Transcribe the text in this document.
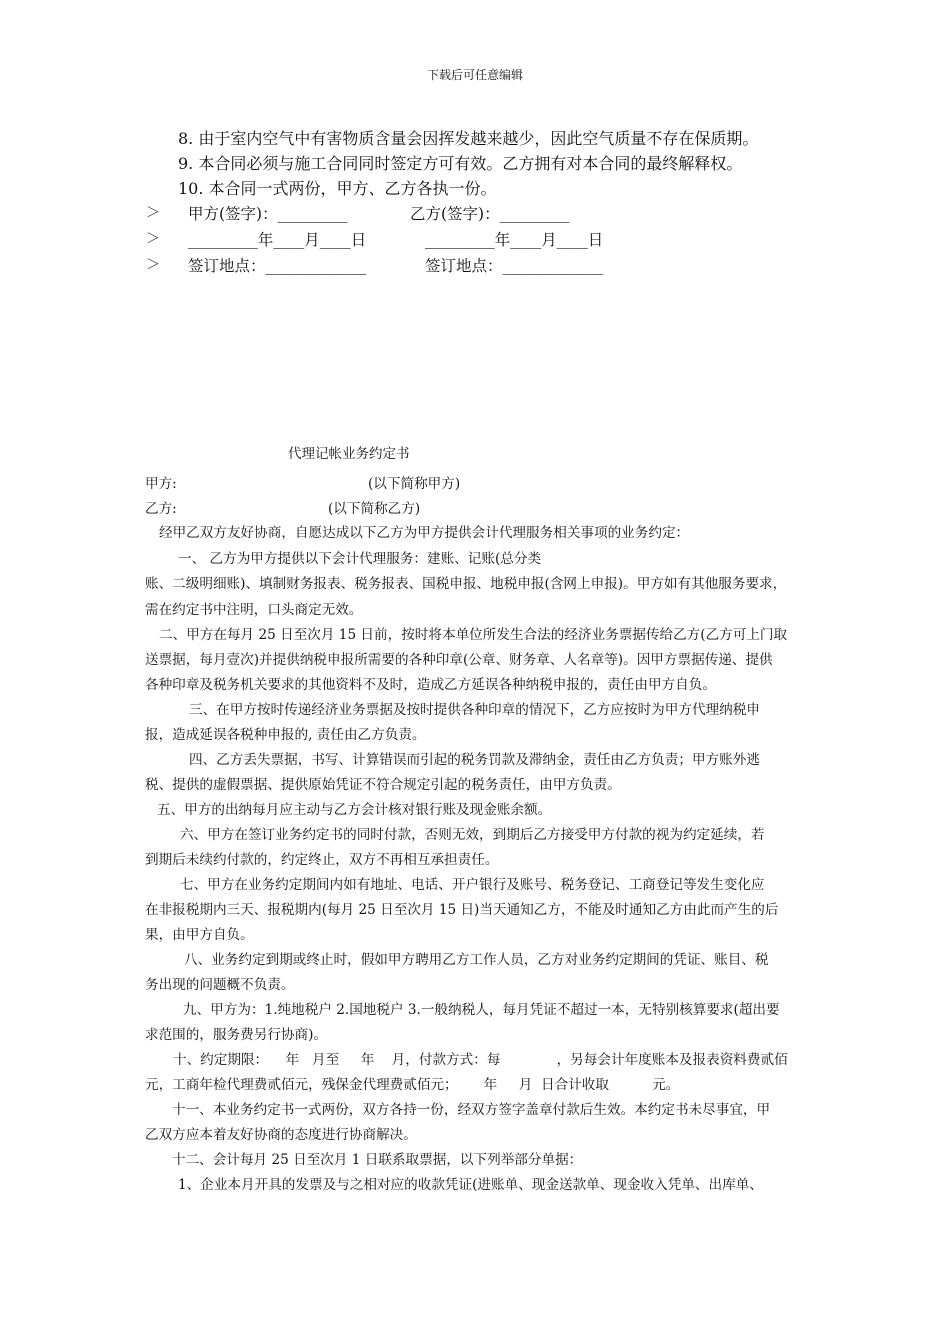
下载后可任意编辑
8. 由于室内空气中有害物质含量会因挥发越来越少，因此空气质量不存在保质期。
9. 本合同必须与施工合同同时签定方可有效。乙方拥有对本合同的最终解释权。
10. 本合同一式两份，甲方、乙方各执一份。
＞ 甲方(签字)：_________	乙方(签字)：_________
＞ _________年____月____日	_________年____月____日
＞ 签订地点：_____________	签订地点：_____________
代理记帐业务约定书
甲方:	(以下简称甲方)
乙方:	(以下简称乙方)
经甲乙双方友好协商，自愿达成以下乙方为甲方提供会计代理服务相关事项的业务约定：
一、 乙方为甲方提供以下会计代理服务：建账、记账(总分类
账、二级明细账)、填制财务报表、税务报表、国税申报、地税申报(含网上申报)。甲方如有其他服务要求，
需在约定书中注明，口头商定无效。
二、甲方在每月 25 日至次月 15 日前，按时将本单位所发生合法的经济业务票据传给乙方(乙方可上门取
送票据，每月壹次)并提供纳税申报所需要的各种印章(公章、财务章、人名章等)。因甲方票据传递、提供
各种印章及税务机关要求的其他资料不及时，造成乙方延误各种纳税申报的，责任由甲方自负。
三、在甲方按时传递经济业务票据及按时提供各种印章的情况下，乙方应按时为甲方代理纳税申
报，造成延误各税种申报的, 责任由乙方负责。
四、乙方丢失票据，书写、计算错误而引起的税务罚款及滞纳金，责任由乙方负责；甲方账外逃
税、提供的虚假票据、提供原始凭证不符合规定引起的税务责任，由甲方负责。
五、甲方的出纳每月应主动与乙方会计核对银行账及现金账余额。
六、甲方在签订业务约定书的同时付款，否则无效，到期后乙方接受甲方付款的视为约定延续，若
到期后未续约付款的，约定终止，双方不再相互承担责任。
七、甲方在业务约定期间内如有地址、电话、开户银行及账号、税务登记、工商登记等发生变化应
在非报税期内三天、报税期内(每月 25 日至次月 15 日)当天通知乙方，不能及时通知乙方由此而产生的后
果，由甲方自负。
八、业务约定到期或终止时，假如甲方聘用乙方工作人员，乙方对业务约定期间的凭证、账目、税
务出现的问题概不负责。
九、甲方为：1.纯地税户 2.国地税户 3.一般纳税人，每月凭证不超过一本，无特别核算要求(超出要
求范围的，服务费另行协商)。
十、约定期限：    年   月至     年    月，付款方式：每             ，另每会计年度账本及报表资料费贰佰
元，工商年检代理费贰佰元，残保金代理费贰佰元；      年     月  日合计收取          元。
十一、本业务约定书一式两份，双方各持一份，经双方签字盖章付款后生效。本约定书未尽事宜，甲
乙双方应本着友好协商的态度进行协商解决。
十二、会计每月 25 日至次月 1 日联系取票据，以下列举部分单据：
1、企业本月开具的发票及与之相对应的收款凭证(进账单、现金送款单、现金收入凭单、出库单、
